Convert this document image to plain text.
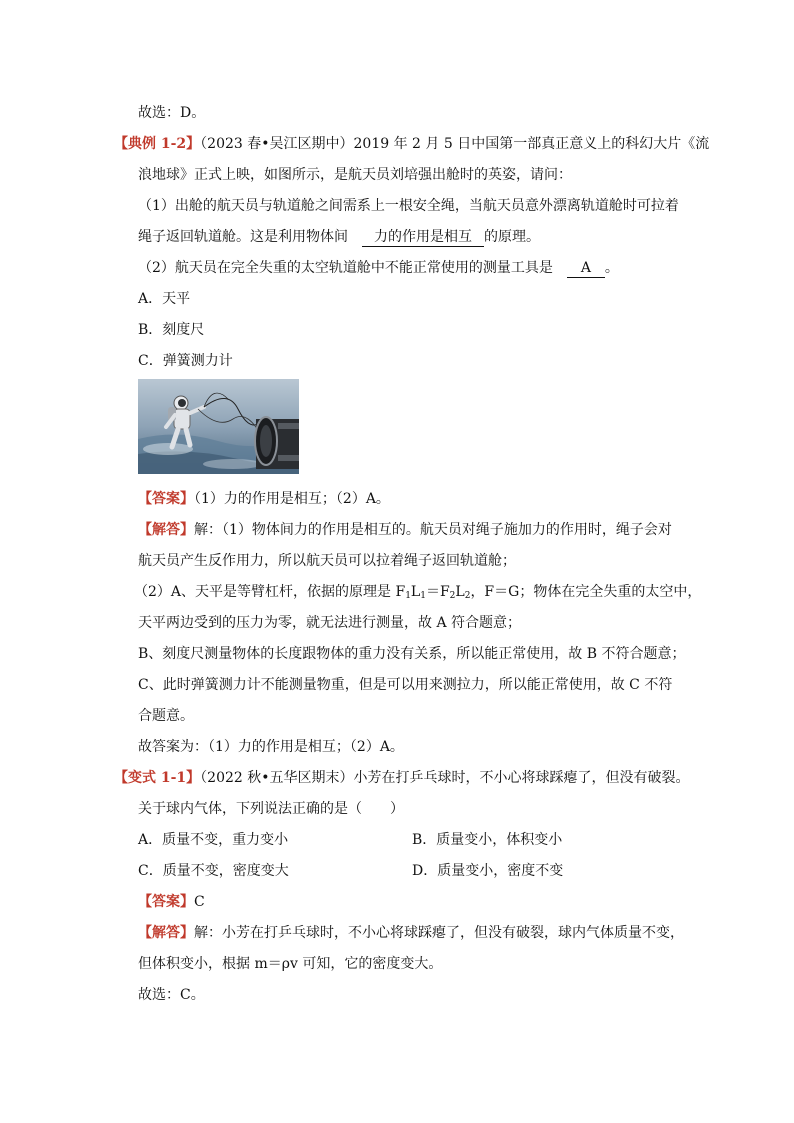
故选：D。
【典例 1-2】（2023 春•吴江区期中）2019 年 2 月 5 日中国第一部真正意义上的科幻大片《流
浪地球》正式上映，如图所示，是航天员刘培强出舱时的英姿，请问：
（1）出舱的航天员与轨道舱之间需系上一根安全绳，当航天员意外漂离轨道舱时可拉着
绳子返回轨道舱。这是利用物体间　 力的作用是相互 的原理。
（2）航天员在完全失重的太空轨道舱中不能正常使用的测量工具是　 A 。
A．天平
B．刻度尺
C．弹簧测力计
【答案】（1）力的作用是相互；（2）A。
【解答】解：（1）物体间力的作用是相互的。航天员对绳子施加力的作用时，绳子会对
航天员产生反作用力，所以航天员可以拉着绳子返回轨道舱；
（2）A、天平是等臂杠杆，依据的原理是 $F_1L_1=F_2L_2$，F＝G；物体在完全失重的太空中，
天平两边受到的压力为零，就无法进行测量，故 A 符合题意；
B、刻度尺测量物体的长度跟物体的重力没有关系，所以能正常使用，故 B 不符合题意；
C、此时弹簧测力计不能测量物重，但是可以用来测拉力，所以能正常使用，故 C 不符
合题意。
故答案为：（1）力的作用是相互；（2）A。
【变式 1-1】（2022 秋•五华区期末）小芳在打乒乓球时，不小心将球踩瘪了，但没有破裂。
关于球内气体，下列说法正确的是（　　）
A．质量不变，重力变小	B．质量变小，体积变小
C．质量不变，密度变大	D．质量变小，密度不变
【答案】C
【解答】解：小芳在打乒乓球时，不小心将球踩瘪了，但没有破裂，球内气体质量不变，
但体积变小，根据 m＝ρv 可知，它的密度变大。
故选：C。
